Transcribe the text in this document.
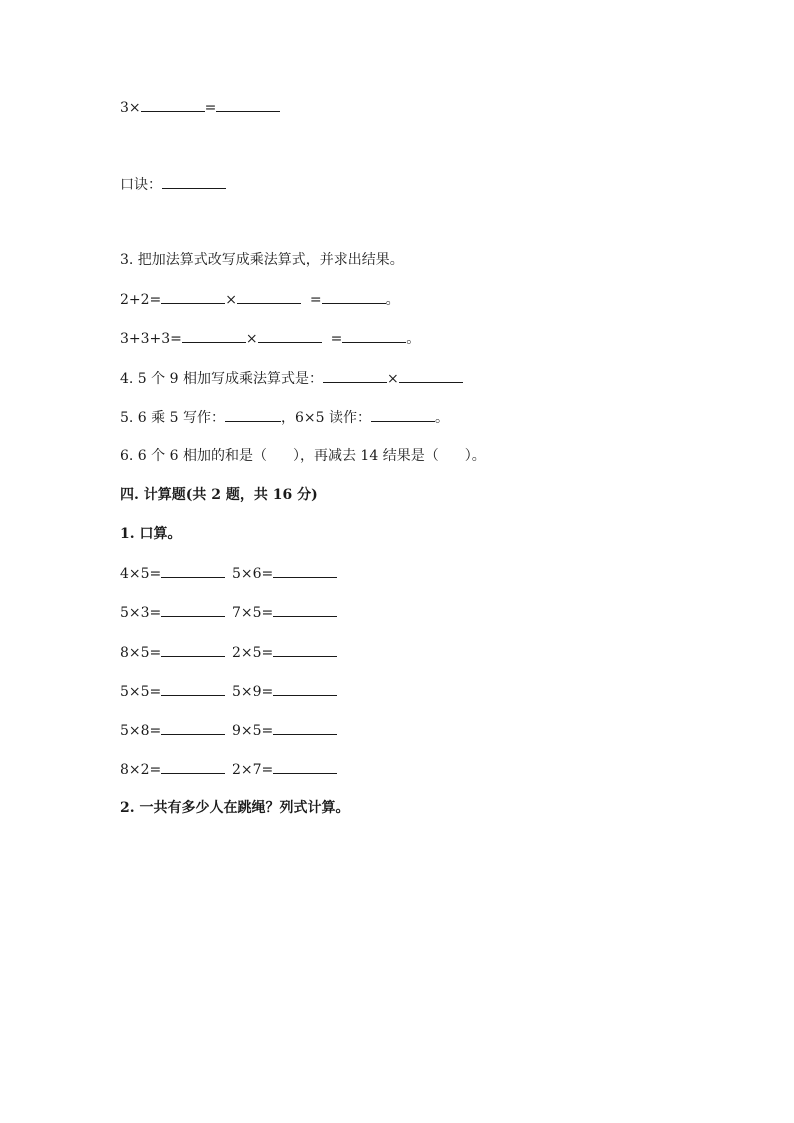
3×	=
口诀：
3. 把加法算式改写成乘法算式，并求出结果。
2+2=	×	=	。
3+3+3=	×	=	。
4. 5 个 9 相加写成乘法算式是：	×
5. 6 乘 5 写作：	，6×5 读作：	。
6. 6 个 6 相加的和是（ ），再减去 14 结果是（ ）。
四. 计算题(共 2 题，共 16 分)
1. 口算。
4×5=	5×6=
5×3=	7×5=
8×5=	2×5=
5×5=	5×9=
5×8=	9×5=
8×2=	2×7=
2. 一共有多少人在跳绳？列式计算。
